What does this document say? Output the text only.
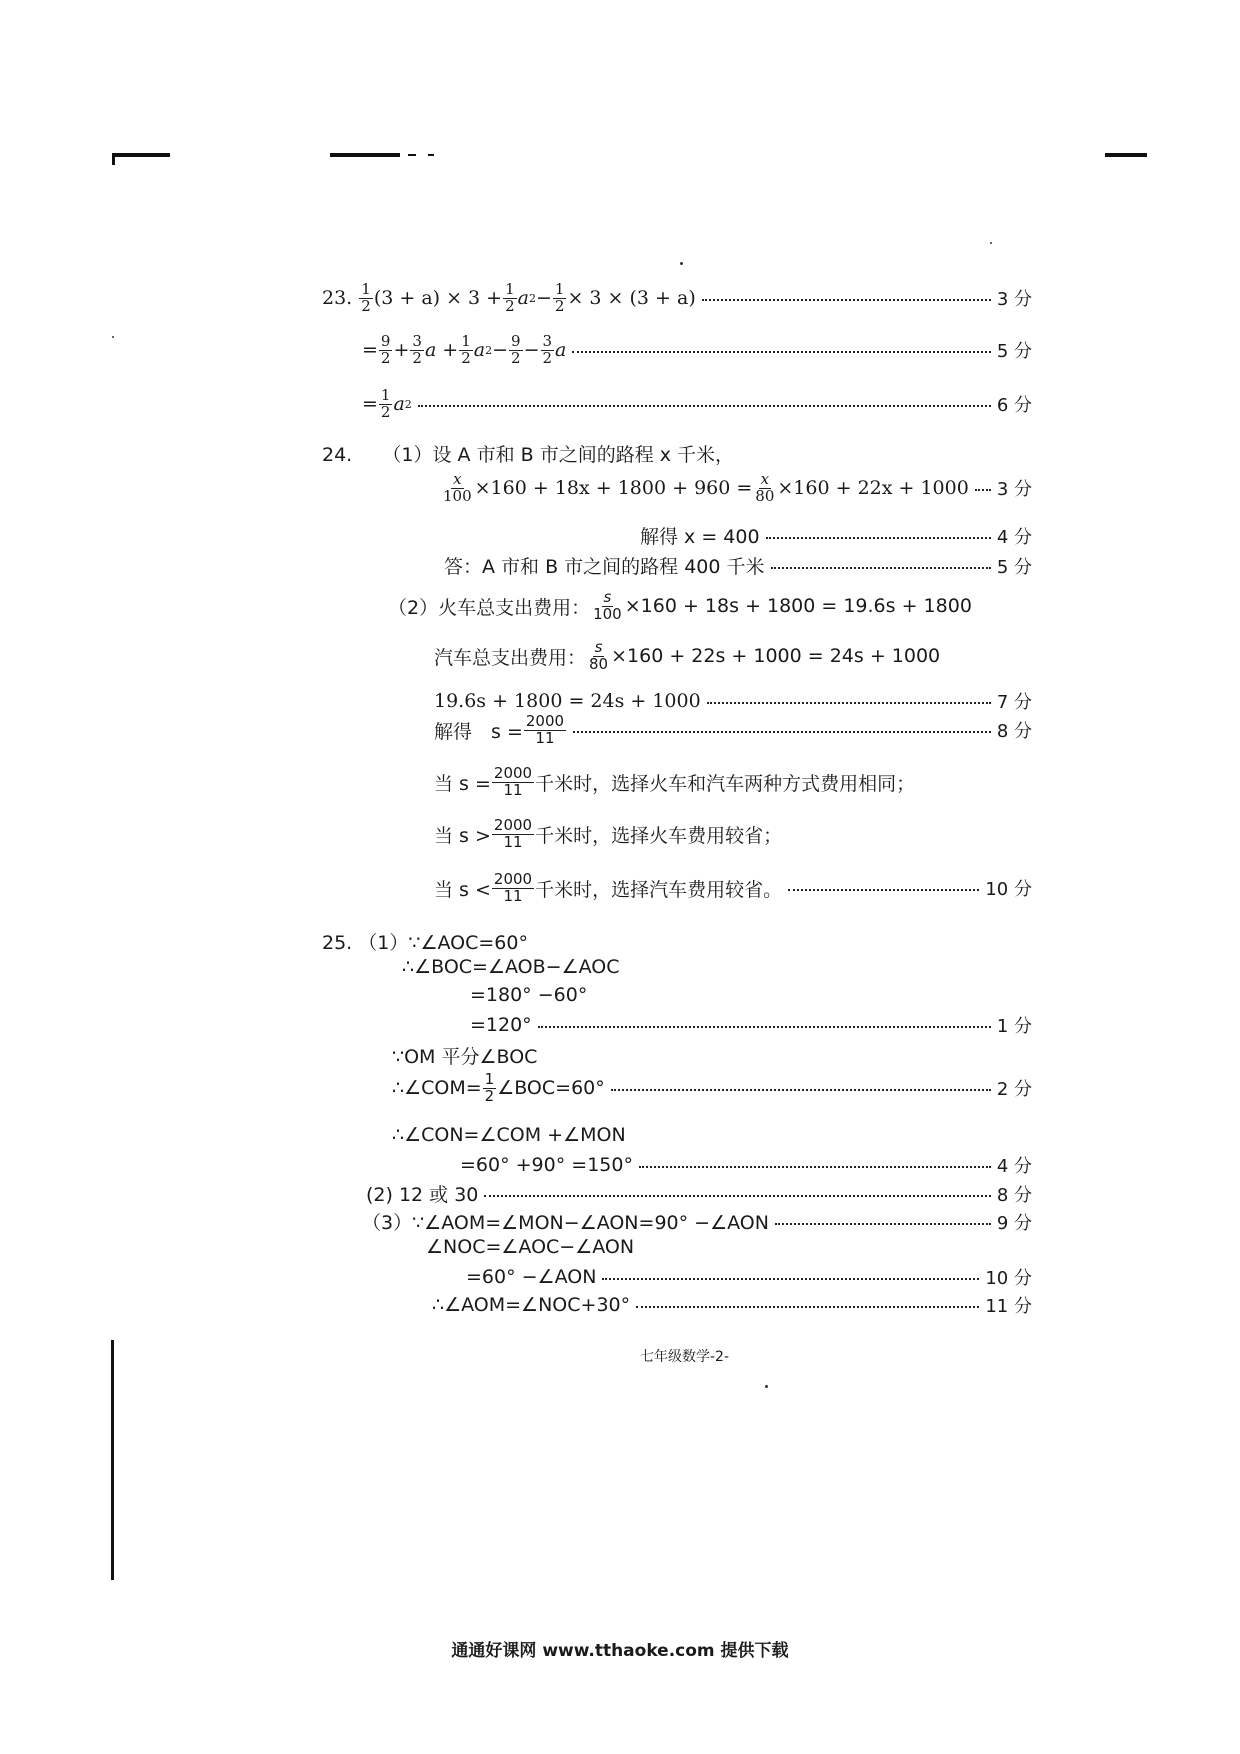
23.
$\frac{1}{2} (3 + a) \times 3 + \frac{1}{2}$ a $2 - \frac{1}{2} \times 3 \times (3 + a)$	3 分
= $\frac{9}{2} + \frac{3}{2}$ $a + \frac{1}{2}$ a $2 - \frac{9}{2} - \frac{3}{2}$ a	5 分
= $\frac{1}{2}$ a 2	6 分
24. （1）设 A 市和 B 市之间的路程 x 千米，
$\frac{x}{100} \times 160 + 18x + 1800 + 960 = \frac{x}{80} \times 160 + 22x + 1000$ 3 分
解得 x = 400	4 分
答：A 市和 B 市之间的路程 400 千米	5 分
（2）火车总支出费用： $\frac{s}{100} \times 160 + 18s + 1800 = 19.6s + 1800$
汽车总支出费用： $\frac{s}{80} \times 160 + 22s + 1000 = 24s + 1000$
19.6s + 1800 = 24s + 1000	7 分
解得　$s = \frac{2000}{11}$	8 分
当 $s = \frac{2000}{11}$ 千米时，选择火车和汽车两种方式费用相同；
当 $s > \frac{2000}{11}$ 千米时，选择火车费用较省；
当 $s < \frac{2000}{11}$ 千米时，选择汽车费用较省。	10 分
25. （1）∵∠AOC=60°
∴∠BOC=∠AOB−∠AOC
=180° −60°
=120°	1 分
∵OM 平分∠BOC
∴∠COM= $\frac{1}{2}$ ∠BOC=60°	2 分
∴∠CON=∠COM +∠MON
=60° +90° =150°	4 分
(2) 12 或 30	8 分
（3）∵∠AOM=∠MON−∠AON=90° −∠AON	9 分
∠NOC=∠AOC−∠AON
=60° −∠AON	10 分
∴∠AOM=∠NOC+30°	11 分
七年级数学-2-
通通好课网 www.tthaoke.com 提供下载
